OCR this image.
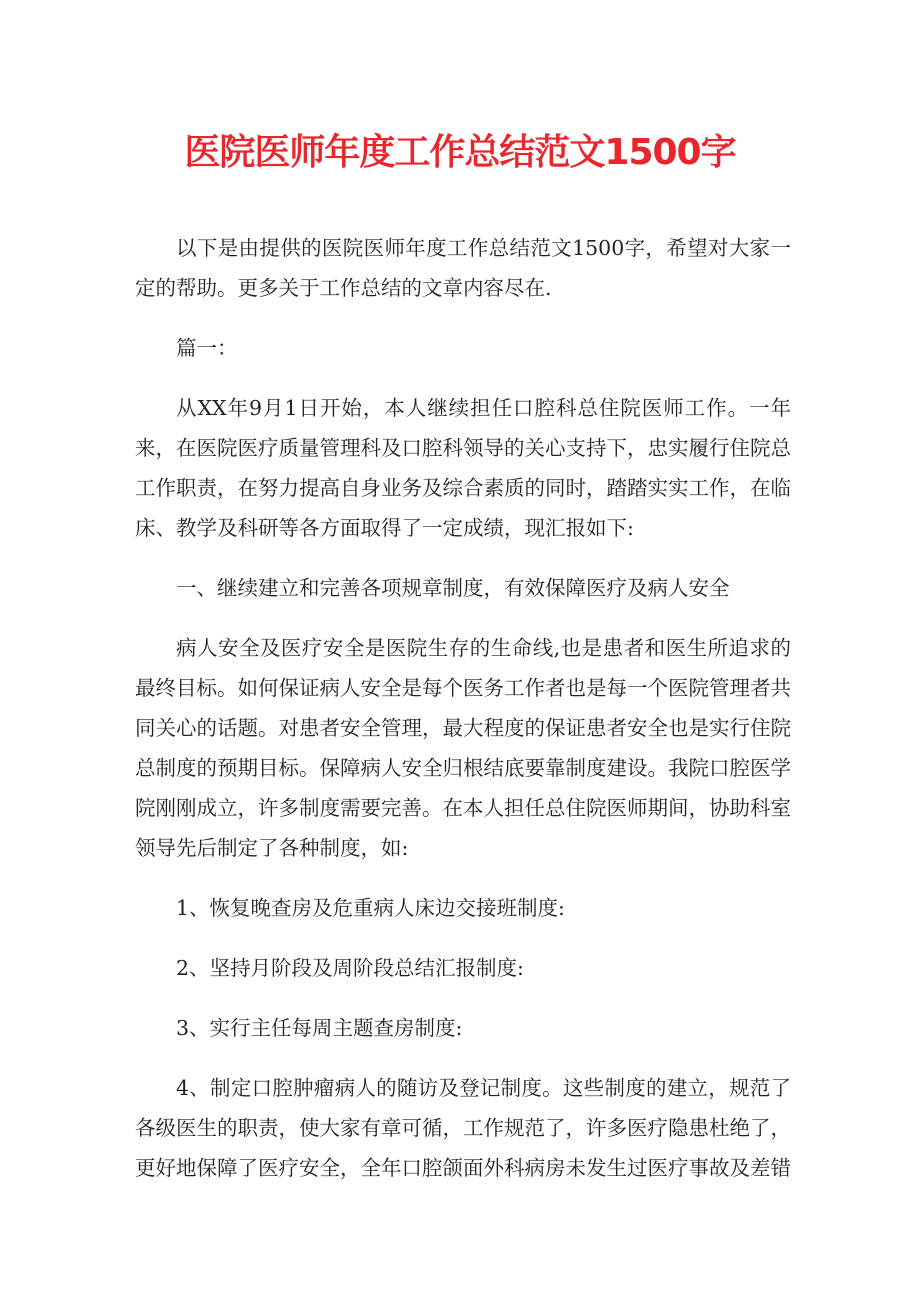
医院医师年度工作总结范文1500字

以下是由提供的医院医师年度工作总结范文1500字，希望对大家一定的帮助。更多关于工作总结的文章内容尽在.

篇一：

从XX年9月1日开始，本人继续担任口腔科总住院医师工作。一年来，在医院医疗质量管理科及口腔科领导的关心支持下，忠实履行住院总工作职责，在努力提高自身业务及综合素质的同时，踏踏实实工作，在临床、教学及科研等各方面取得了一定成绩，现汇报如下:

一、继续建立和完善各项规章制度，有效保障医疗及病人安全

病人安全及医疗安全是医院生存的生命线,也是患者和医生所追求的最终目标。如何保证病人安全是每个医务工作者也是每一个医院管理者共同关心的话题。对患者安全管理，最大程度的保证患者安全也是实行住院总制度的预期目标。保障病人安全归根结底要靠制度建设。我院口腔医学院刚刚成立，许多制度需要完善。在本人担任总住院医师期间，协助科室领导先后制定了各种制度，如:

1、恢复晚查房及危重病人床边交接班制度:

2、坚持月阶段及周阶段总结汇报制度:

3、实行主任每周主题查房制度:

4、制定口腔肿瘤病人的随访及登记制度。这些制度的建立，规范了各级医生的职责，使大家有章可循，工作规范了，许多医疗隐患杜绝了，更好地保障了医疗安全，全年口腔颌面外科病房未发生过医疗事故及差错
